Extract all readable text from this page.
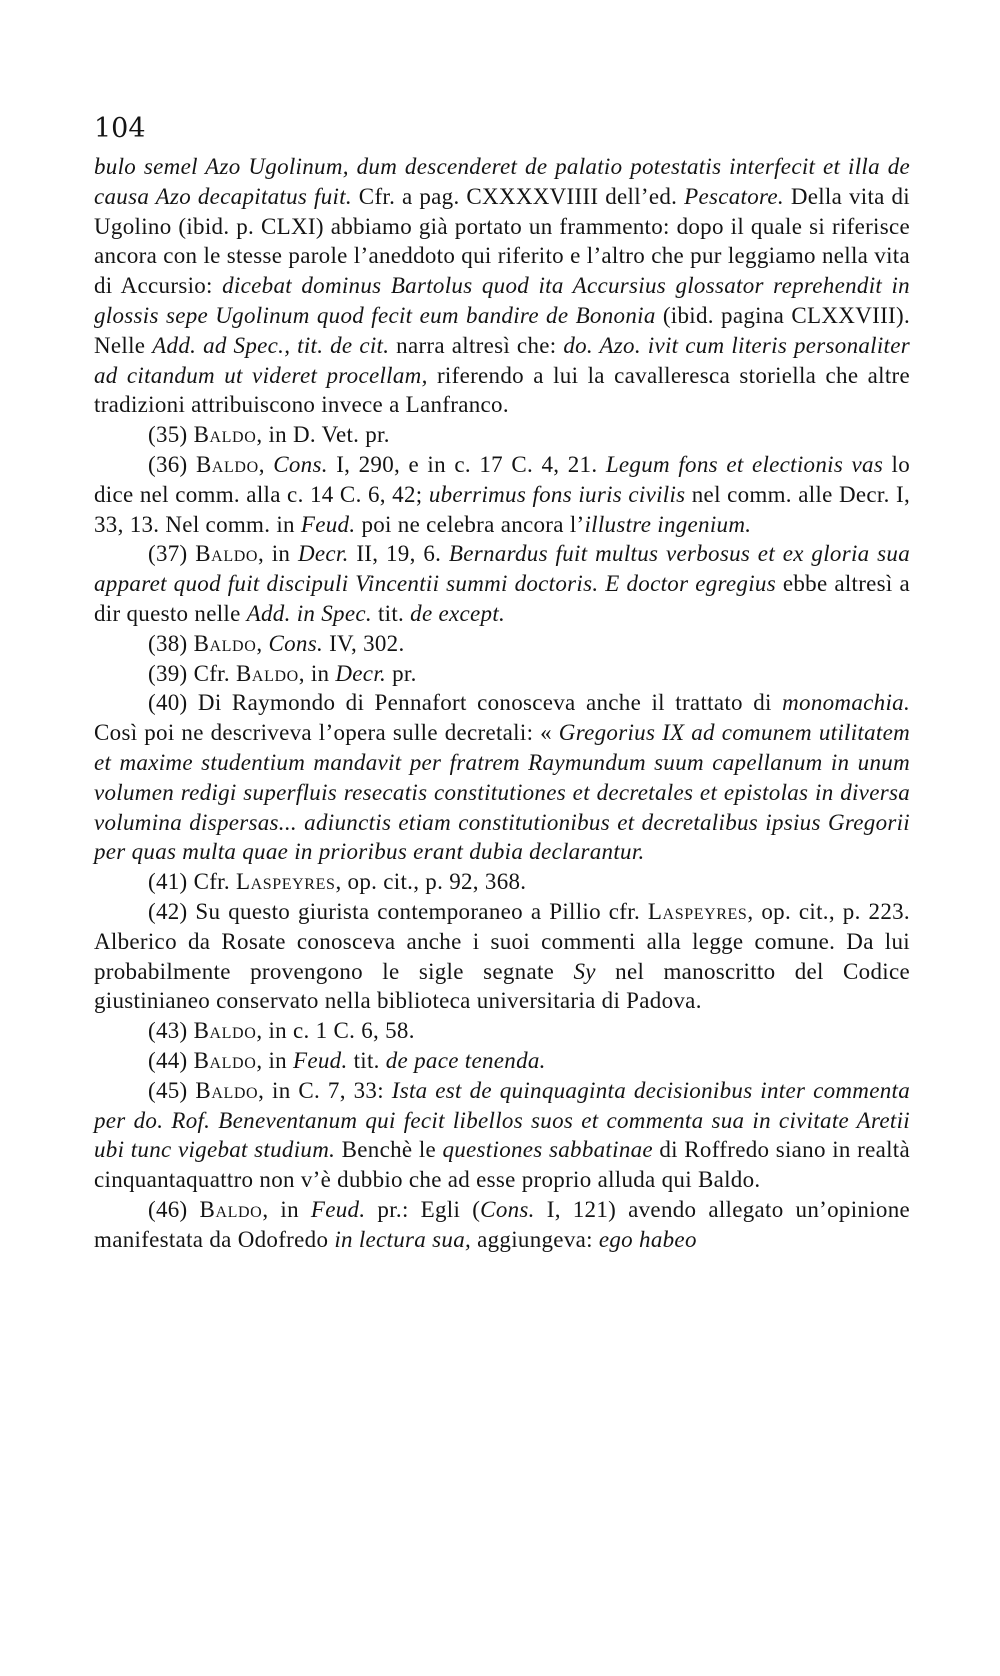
104

bulo semel Azo Ugolinum, dum descenderet de palatio potestatis interfecit et illa de causa Azo decapitatus fuit. Cfr. a pag. CXXXXVIIII dell’ed. Pescatore. Della vita di Ugolino (ibid. p. CLXI) abbiamo già portato un frammento: dopo il quale si riferisce ancora con le stesse parole l’aneddoto qui riferito e l’altro che pur leggiamo nella vita di Accursio: dicebat dominus Bartolus quod ita Accursius glossator reprehendit in glossis sepe Ugolinum quod fecit eum bandire de Bononia (ibid. pagina CLXXVIII). Nelle Add. ad Spec., tit. de cit. narra altresì che: do. Azo. ivit cum literis personaliter ad citandum ut videret procellam, riferendo a lui la cavalleresca storiella che altre tradizioni attribuiscono invece a Lanfranco.

(35) Baldo, in D. Vet. pr.

(36) Baldo, Cons. I, 290, e in c. 17 C. 4, 21. Legum fons et electionis vas lo dice nel comm. alla c. 14 C. 6, 42; uberrimus fons iuris civilis nel comm. alle Decr. I, 33, 13. Nel comm. in Feud. poi ne celebra ancora l’illustre ingenium.

(37) Baldo, in Decr. II, 19, 6. Bernardus fuit multus verbosus et ex gloria sua apparet quod fuit discipuli Vincentii summi doctoris. E doctor egregius ebbe altresì a dir questo nelle Add. in Spec. tit. de except.

(38) Baldo, Cons. IV, 302.

(39) Cfr. Baldo, in Decr. pr.

(40) Di Raymondo di Pennafort conosceva anche il trattato di monomachia. Così poi ne descriveva l’opera sulle decretali: « Gregorius IX ad comunem utilitatem et maxime studentium mandavit per fratrem Raymundum suum capellanum in unum volumen redigi superfluis resecatis constitutiones et decretales et epistolas in diversa volumina dispersas... adiunctis etiam constitutionibus et decretalibus ipsius Gregorii per quas multa quae in prioribus erant dubia declarantur.

(41) Cfr. Laspeyres, op. cit., p. 92, 368.

(42) Su questo giurista contemporaneo a Pillio cfr. Laspeyres, op. cit., p. 223. Alberico da Rosate conosceva anche i suoi commenti alla legge comune. Da lui probabilmente provengono le sigle segnate Sy nel manoscritto del Codice giustinianeo conservato nella biblioteca universitaria di Padova.

(43) Baldo, in c. 1 C. 6, 58.

(44) Baldo, in Feud. tit. de pace tenenda.

(45) Baldo, in C. 7, 33: Ista est de quinquaginta decisionibus inter commenta per do. Rof. Beneventanum qui fecit libellos suos et commenta sua in civitate Aretii ubi tunc vigebat studium. Benchè le questiones sabbatinae di Roffredo siano in realtà cinquantaquattro non v’è dubbio che ad esse proprio alluda qui Baldo.

(46) Baldo, in Feud. pr.: Egli (Cons. I, 121) avendo allegato un’opinione manifestata da Odofredo in lectura sua, aggiungeva: ego habeo
